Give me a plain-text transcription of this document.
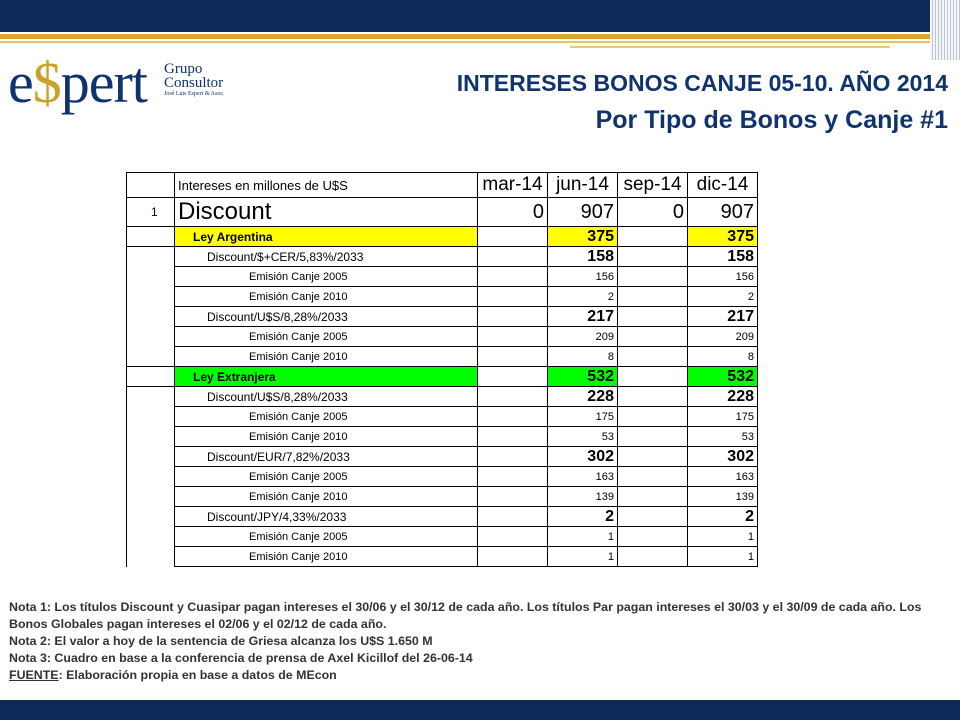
e$pert Grupo
Consultor
José Luis Espert & Asoc.	INTERESES BONOS CANJE 05-10. AÑO 2014
Por Tipo de Bonos y Canje #1
	Intereses en millones de U$S	mar-14	jun-14	sep-14	dic-14
1	Discount	0	907	0	907
	Ley Argentina		375		375
	Discount/$+CER/5,83%/2033		158		158
	Emisión Canje 2005		156		156
	Emisión Canje 2010		2		2
	Discount/U$S/8,28%/2033		217		217
	Emisión Canje 2005		209		209
	Emisión Canje 2010		8		8
	Ley Extranjera		532		532
	Discount/U$S/8,28%/2033		228		228
	Emisión Canje 2005		175		175
	Emisión Canje 2010		53		53
	Discount/EUR/7,82%/2033		302		302
	Emisión Canje 2005		163		163
	Emisión Canje 2010		139		139
	Discount/JPY/4,33%/2033		2		2
	Emisión Canje 2005		1		1
	Emisión Canje 2010		1		1
Nota 1: Los títulos Discount y Cuasipar pagan intereses el 30/06 y el 30/12 de cada año. Los títulos Par pagan intereses el 30/03 y el 30/09 de cada año. Los Bonos Globales pagan intereses el 02/06 y el 02/12 de cada año.
Nota 2: El valor a hoy de la sentencia de Griesa alcanza los U$S 1.650 M
Nota 3: Cuadro en base a la conferencia de prensa de Axel Kicillof del 26-06-14
FUENTE: Elaboración propia en base a datos de MEcon
